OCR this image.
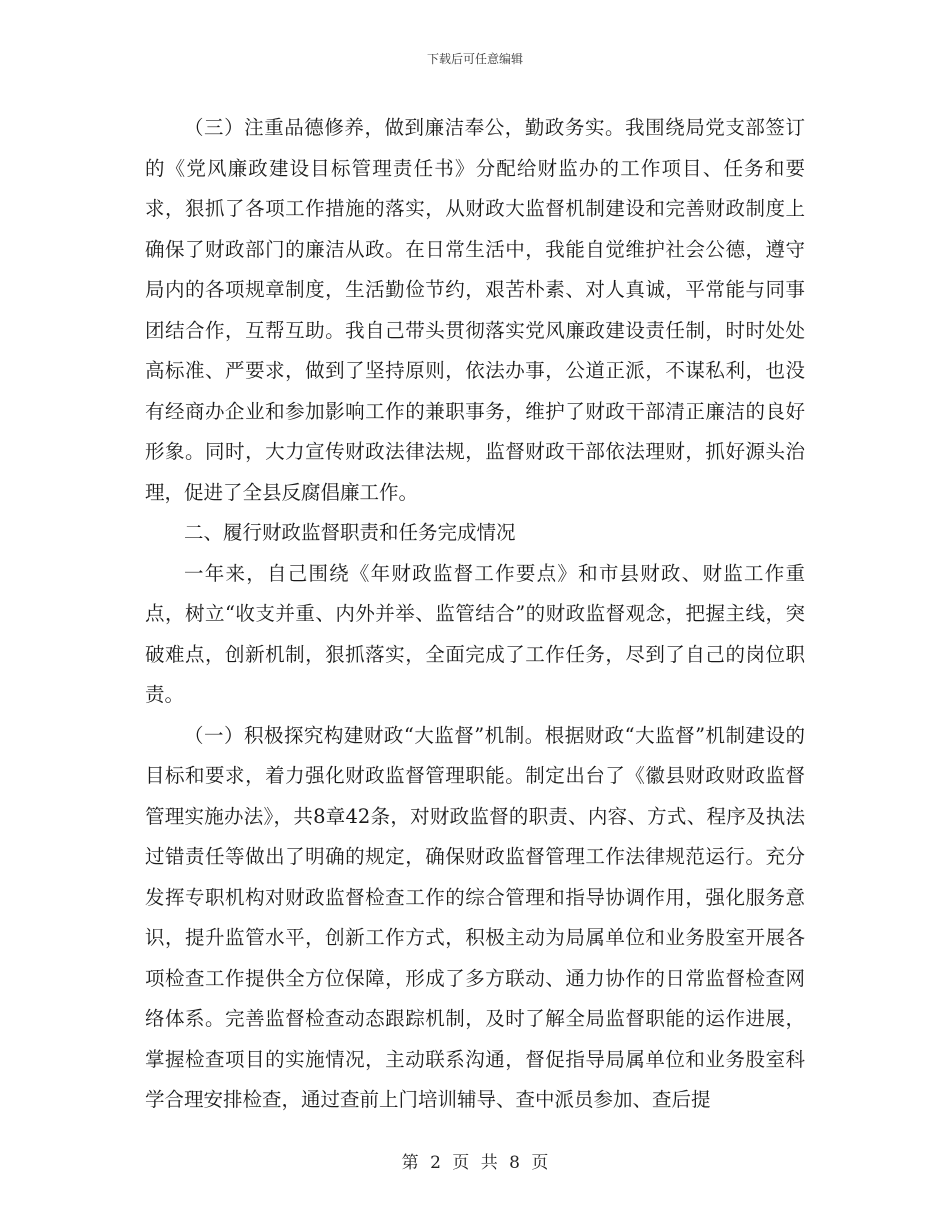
下载后可任意编辑

（三）注重品德修养，做到廉洁奉公，勤政务实。我围绕局党支部签订的《党风廉政建设目标管理责任书》分配给财监办的工作项目、任务和要求，狠抓了各项工作措施的落实，从财政大监督机制建设和完善财政制度上确保了财政部门的廉洁从政。在日常生活中，我能自觉维护社会公德，遵守局内的各项规章制度，生活勤俭节约，艰苦朴素、对人真诚，平常能与同事团结合作，互帮互助。我自己带头贯彻落实党风廉政建设责任制，时时处处高标准、严要求，做到了坚持原则，依法办事，公道正派，不谋私利，也没有经商办企业和参加影响工作的兼职事务，维护了财政干部清正廉洁的良好形象。同时，大力宣传财政法律法规，监督财政干部依法理财，抓好源头治理，促进了全县反腐倡廉工作。

二、履行财政监督职责和任务完成情况

一年来，自己围绕《年财政监督工作要点》和市县财政、财监工作重点，树立“收支并重、内外并举、监管结合”的财政监督观念，把握主线，突破难点，创新机制，狠抓落实，全面完成了工作任务，尽到了自己的岗位职责。

（一）积极探究构建财政“大监督”机制。根据财政“大监督”机制建设的目标和要求，着力强化财政监督管理职能。制定出台了《徽县财政财政监督管理实施办法》，共8章42条，对财政监督的职责、内容、方式、程序及执法过错责任等做出了明确的规定，确保财政监督管理工作法律规范运行。充分发挥专职机构对财政监督检查工作的综合管理和指导协调作用，强化服务意识，提升监管水平，创新工作方式，积极主动为局属单位和业务股室开展各项检查工作提供全方位保障，形成了多方联动、通力协作的日常监督检查网络体系。完善监督检查动态跟踪机制，及时了解全局监督职能的运作进展，掌握检查项目的实施情况，主动联系沟通，督促指导局属单位和业务股室科学合理安排检查，通过查前上门培训辅导、查中派员参加、查后提

第 2 页 共 8 页
